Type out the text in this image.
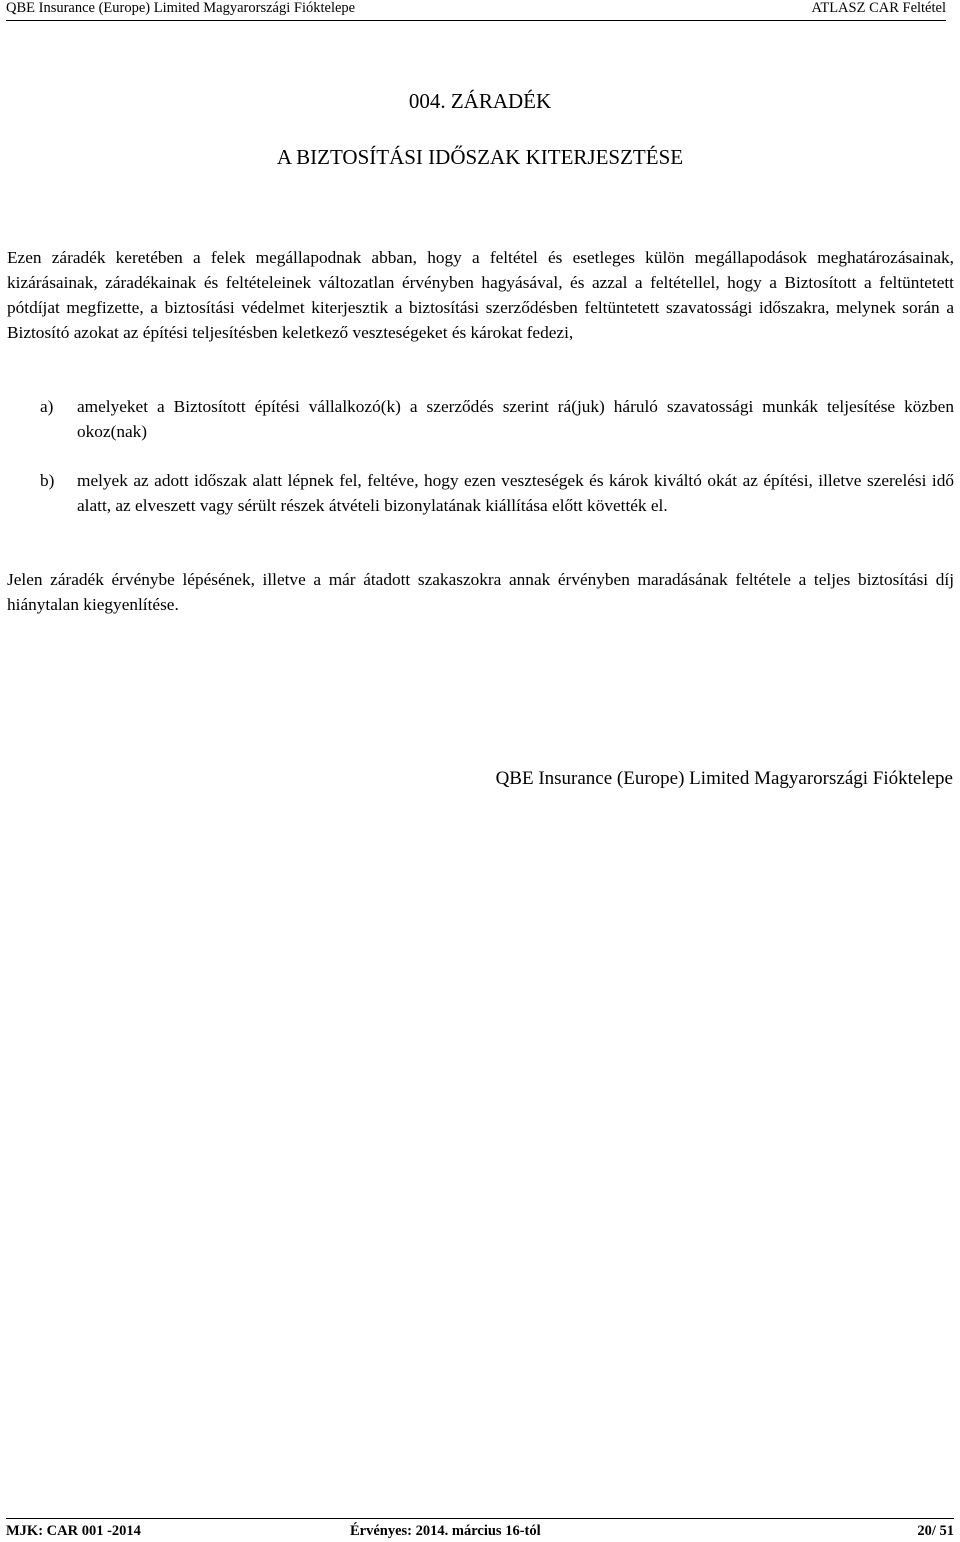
QBE Insurance (Europe) Limited Magyarországi Fióktelepe	ATLASZ CAR Feltétel
004. ZÁRADÉK
A BIZTOSÍTÁSI IDŐSZAK KITERJESZTÉSE

Ezen záradék keretében a felek megállapodnak abban, hogy a feltétel és esetleges külön megállapodások meghatározásainak, kizárásainak, záradékainak és feltételeinek változatlan érvényben hagyásával, és azzal a feltétellel, hogy a Biztosított a feltüntetett pótdíjat megfizette, a biztosítási védelmet kiterjesztik a biztosítási szerződésben feltüntetett szavatossági időszakra, melynek során a Biztosító azokat az építési teljesítésben keletkező veszteségeket és károkat fedezi,

a) amelyeket a Biztosított építési vállalkozó(k) a szerződés szerint rá(juk) háruló szavatossági munkák teljesítése közben okoz(nak)
b) melyek az adott időszak alatt lépnek fel, feltéve, hogy ezen veszteségek és károk kiváltó okát az építési, illetve szerelési idő alatt, az elveszett vagy sérült részek átvételi bizonylatának kiállítása előtt követték el.

Jelen záradék érvénybe lépésének, illetve a már átadott szakaszokra annak érvényben maradásának feltétele a teljes biztosítási díj hiánytalan kiegyenlítése.

QBE Insurance (Europe) Limited Magyarországi Fióktelepe
MJK: CAR 001 -2014	Érvényes: 2014. március 16-tól	20/ 51
